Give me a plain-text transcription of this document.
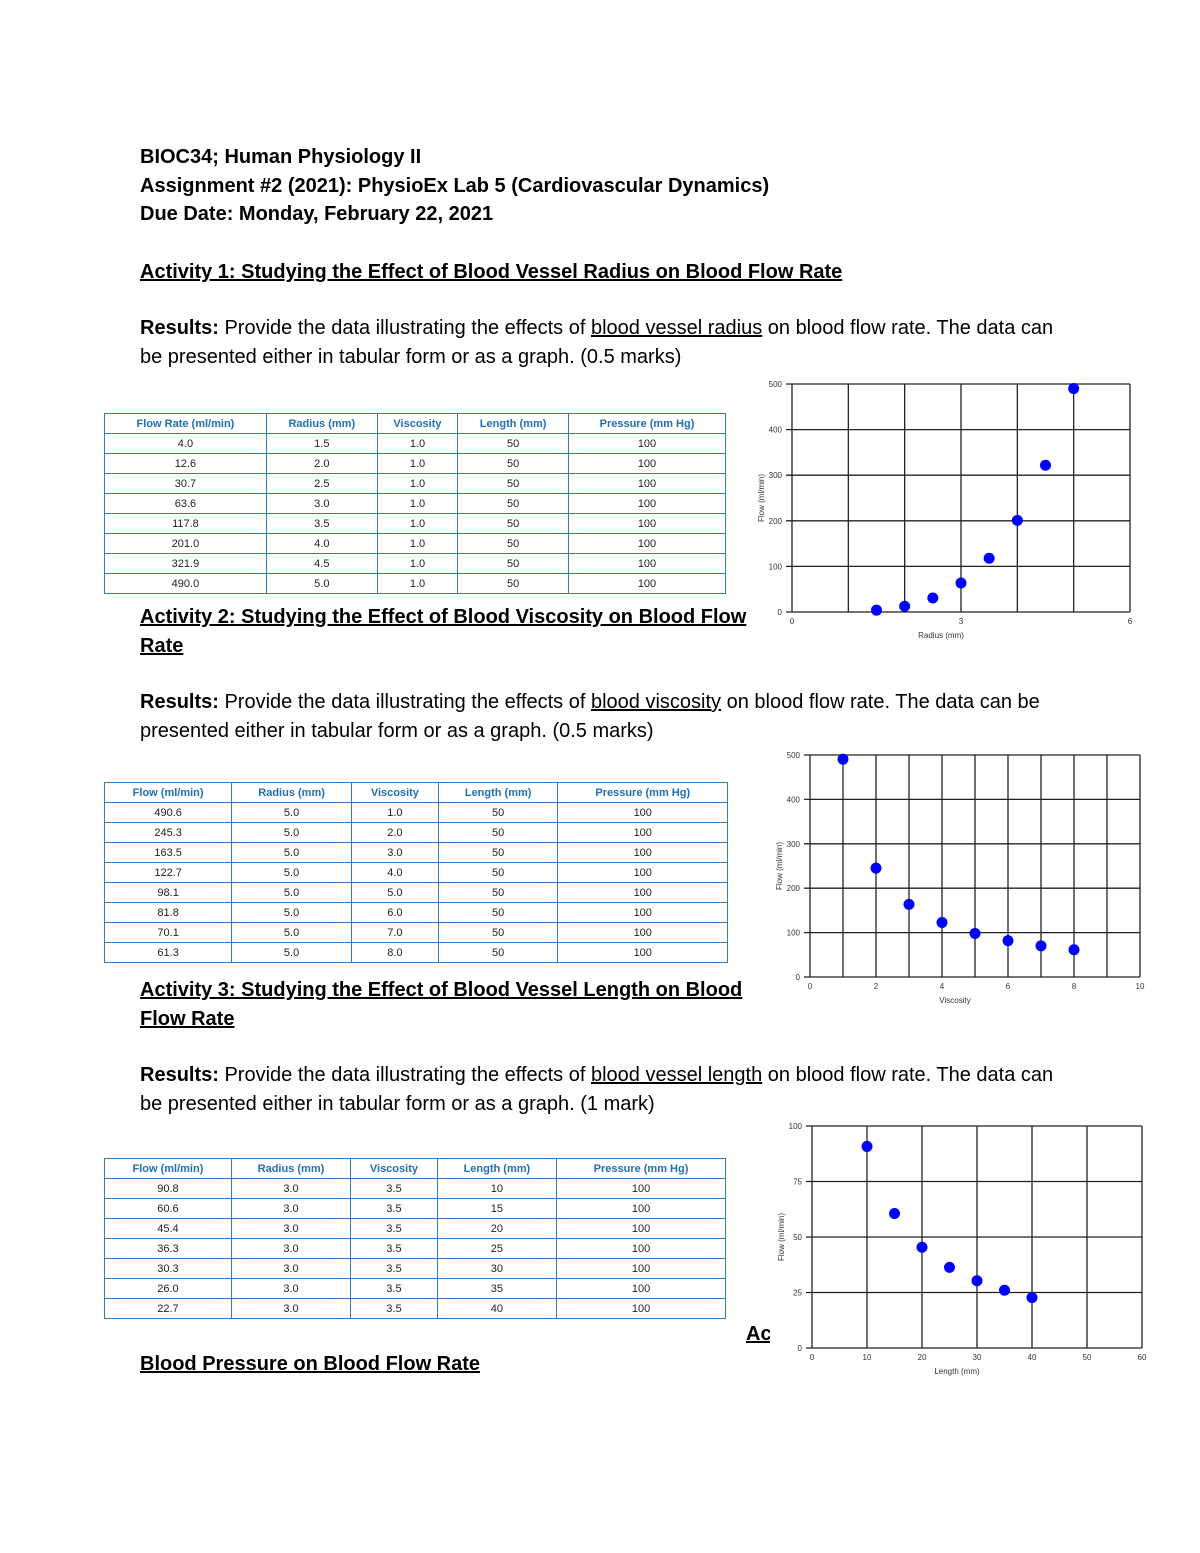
BIOC34; Human Physiology II
Assignment #2 (2021): PhysioEx Lab 5 (Cardiovascular Dynamics)
Due Date: Monday, February 22, 2021
Activity 1: Studying the Effect of Blood Vessel Radius on Blood Flow Rate
Results: Provide the data illustrating the effects of blood vessel radius on blood flow rate. The data can be presented either in tabular form or as a graph. (0.5 marks)
Flow Rate (ml/min)	Radius (mm)	Viscosity	Length (mm)	Pressure (mm Hg)
4.0	1.5	1.0	50	100
12.6	2.0	1.0	50	100
30.7	2.5	1.0	50	100
63.6	3.0	1.0	50	100
117.8	3.5	1.0	50	100
201.0	4.0	1.0	50	100
321.9	4.5	1.0	50	100
490.0	5.0	1.0	50	100
0
100
200
300
400
500
0	3	6
Radius (mm)
Flow (ml/min)
Activity 2: Studying the Effect of Blood Viscosity on Blood Flow
Rate
Results: Provide the data illustrating the effects of blood viscosity on blood flow rate. The data can be presented either in tabular form or as a graph. (0.5 marks)
Flow (ml/min)	Radius (mm)	Viscosity	Length (mm)	Pressure (mm Hg)
490.6	5.0	1.0	50	100
245.3	5.0	2.0	50	100
163.5	5.0	3.0	50	100
122.7	5.0	4.0	50	100
98.1	5.0	5.0	50	100
81.8	5.0	6.0	50	100
70.1	5.0	7.0	50	100
61.3	5.0	8.0	50	100
0
100
200
300
400
500
0	2	4	6	8	10
Viscosity
Flow (ml/min)
Activity 3: Studying the Effect of Blood Vessel Length on Blood
Flow Rate
Results: Provide the data illustrating the effects of blood vessel length on blood flow rate. The data can be presented either in tabular form or as a graph. (1 mark)
Flow (ml/min)	Radius (mm)	Viscosity	Length (mm)	Pressure (mm Hg)
90.8	3.0	3.5	10	100
60.6	3.0	3.5	15	100
45.4	3.0	3.5	20	100
36.3	3.0	3.5	25	100
30.3	3.0	3.5	30	100
26.0	3.0	3.5	35	100
22.7	3.0	3.5	40	100
Activity
0
25
50
75
100
0	10	20	30	40	50	60
Length (mm)
Flow (ml/min)
Blood Pressure on Blood Flow Rate
